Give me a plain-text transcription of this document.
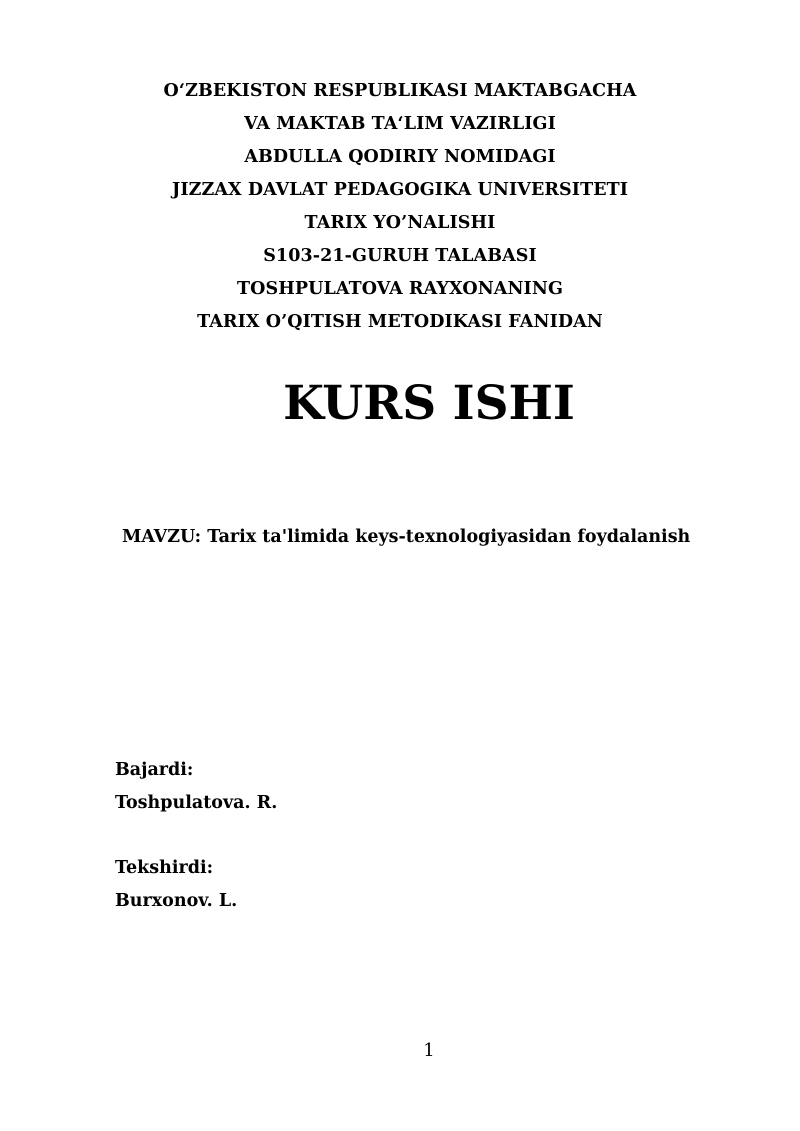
O‘ZBEKISTON RESPUBLIKASI MAKTABGACHA
VA MAKTAB TA‘LIM VAZIRLIGI
ABDULLA QODIRIY NOMIDAGI
JIZZAX DAVLAT PEDAGOGIKA UNIVERSITETI
TARIX YO’NALISHI
S103-21-GURUH TALABASI
TOSHPULATOVA RAYXONANING
TARIX O’QITISH METODIKASI FANIDAN
KURS ISHI
MAVZU: Tarix ta'limida keys-texnologiyasidan foydalanish
Bajardi:
Toshpulatova. R.
Tekshirdi:
Burxonov. L.
1
